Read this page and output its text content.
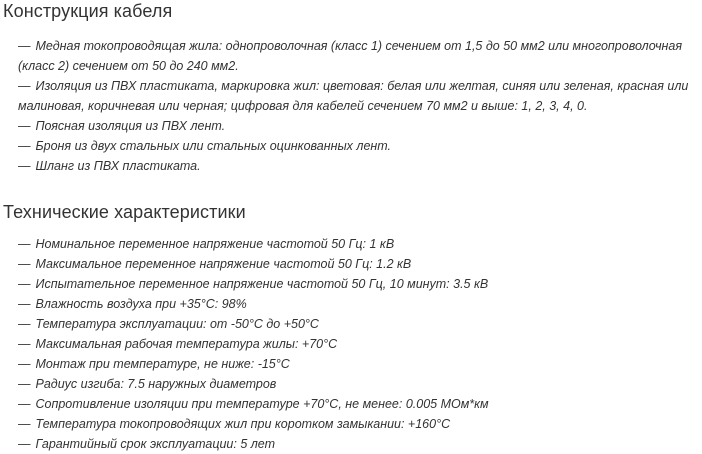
Конструкция кабеля
— Медная токопроводящая жила: однопроволочная (класс 1) сечением от 1,5 до 50 мм2 или многопроволочная
(класс 2) сечением от 50 до 240 мм2.
— Изоляция из ПВХ пластиката, маркировка жил: цветовая: белая или желтая, синяя или зеленая, красная или
малиновая, коричневая или черная; цифровая для кабелей сечением 70 мм2 и выше: 1, 2, 3, 4, 0.
— Поясная изоляция из ПВХ лент.
— Броня из двух стальных или стальных оцинкованных лент.
— Шланг из ПВХ пластиката.
Технические характеристики
— Номинальное переменное напряжение частотой 50 Гц: 1 кВ
— Максимальное переменное напряжение частотой 50 Гц: 1.2 кВ
— Испытательное переменное напряжение частотой 50 Гц, 10 минут: 3.5 кВ
— Влажность воздуха при +35°С: 98%
— Температура эксплуатации: от -50°С до +50°С
— Максимальная рабочая температура жилы: +70°С
— Монтаж при температуре, не ниже: -15°С
— Радиус изгиба: 7.5 наружных диаметров
— Сопротивление изоляции при температуре +70°С, не менее: 0.005 МОм*км
— Температура токопроводящих жил при коротком замыкании: +160°С
— Гарантийный срок эксплуатации: 5 лет
